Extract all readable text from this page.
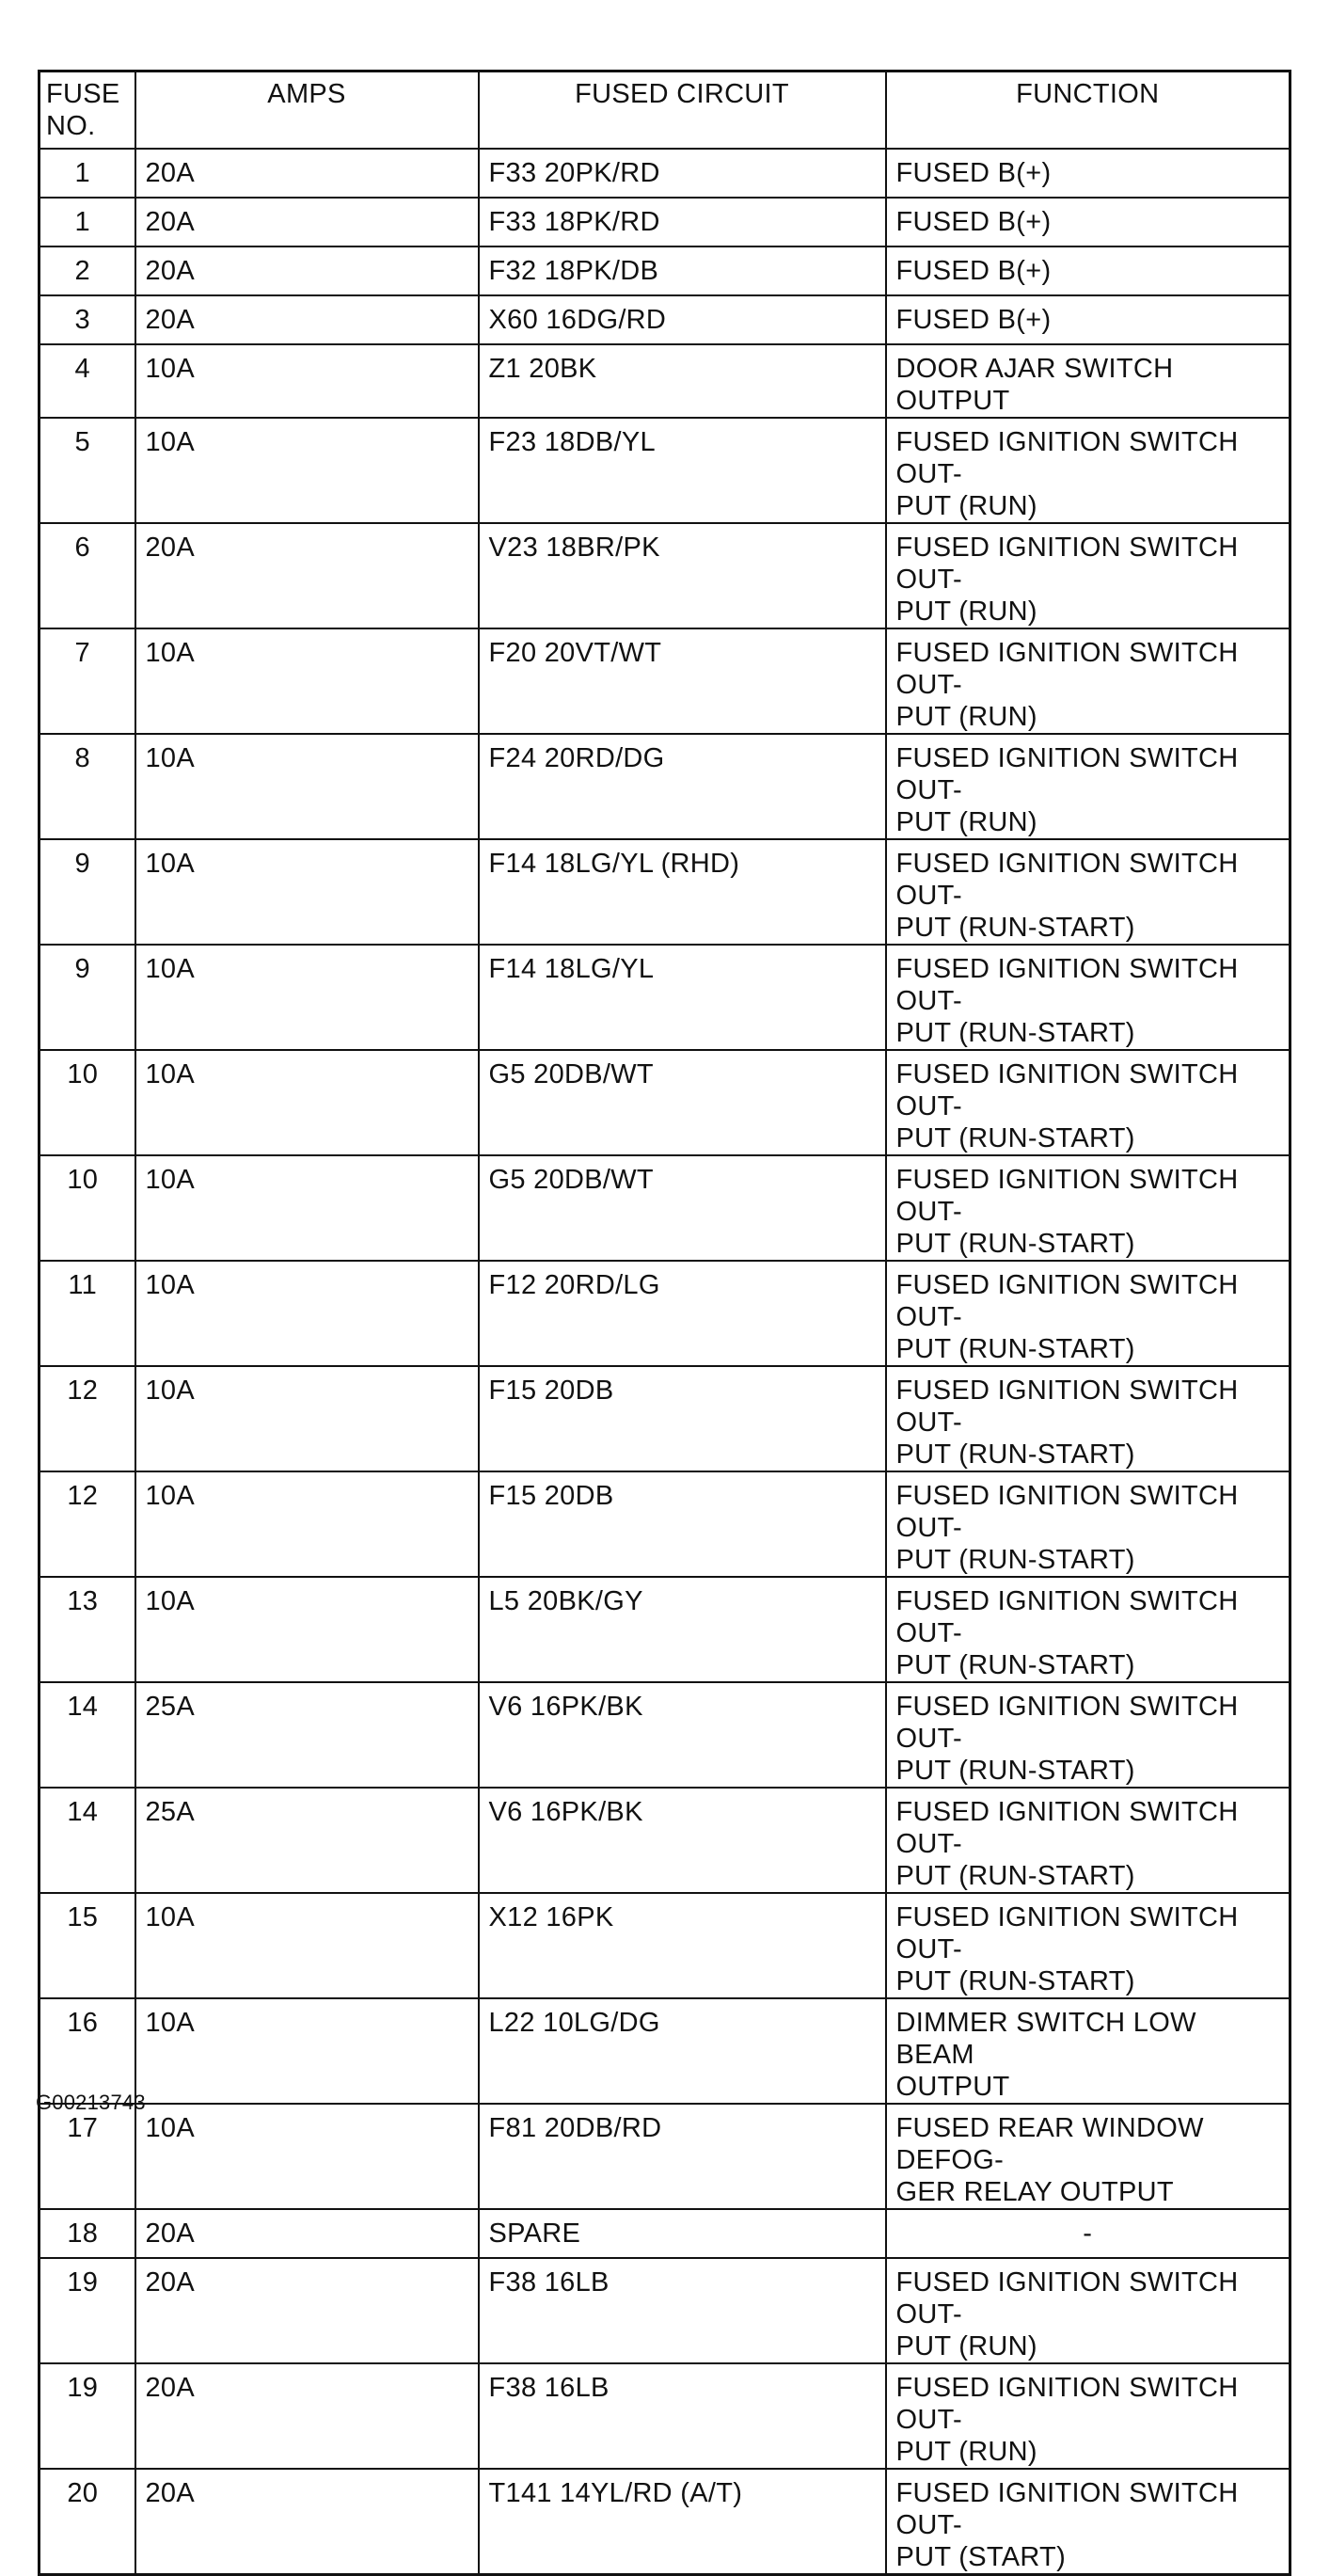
FUSE
NO.	AMPS	FUSED CIRCUIT	FUNCTION
1	20A	F33 20PK/RD	FUSED B(+)
1	20A	F33 18PK/RD	FUSED B(+)
2	20A	F32 18PK/DB	FUSED B(+)
3	20A	X60 16DG/RD	FUSED B(+)
4	10A	Z1 20BK	DOOR AJAR SWITCH OUTPUT
5	10A	F23 18DB/YL	FUSED IGNITION SWITCH OUT-
PUT (RUN)
6	20A	V23 18BR/PK	FUSED IGNITION SWITCH OUT-
PUT (RUN)
7	10A	F20 20VT/WT	FUSED IGNITION SWITCH OUT-
PUT (RUN)
8	10A	F24 20RD/DG	FUSED IGNITION SWITCH OUT-
PUT (RUN)
9	10A	F14 18LG/YL (RHD)	FUSED IGNITION SWITCH OUT-
PUT (RUN-START)
9	10A	F14 18LG/YL	FUSED IGNITION SWITCH OUT-
PUT (RUN-START)
10	10A	G5 20DB/WT	FUSED IGNITION SWITCH OUT-
PUT (RUN-START)
10	10A	G5 20DB/WT	FUSED IGNITION SWITCH OUT-
PUT (RUN-START)
11	10A	F12 20RD/LG	FUSED IGNITION SWITCH OUT-
PUT (RUN-START)
12	10A	F15 20DB	FUSED IGNITION SWITCH OUT-
PUT (RUN-START)
12	10A	F15 20DB	FUSED IGNITION SWITCH OUT-
PUT (RUN-START)
13	10A	L5 20BK/GY	FUSED IGNITION SWITCH OUT-
PUT (RUN-START)
14	25A	V6 16PK/BK	FUSED IGNITION SWITCH OUT-
PUT (RUN-START)
14	25A	V6 16PK/BK	FUSED IGNITION SWITCH OUT-
PUT (RUN-START)
15	10A	X12 16PK	FUSED IGNITION SWITCH OUT-
PUT (RUN-START)
16	10A	L22 10LG/DG	DIMMER SWITCH LOW BEAM
OUTPUT
17	10A	F81 20DB/RD	FUSED REAR WINDOW DEFOG-
GER RELAY OUTPUT
18	20A	SPARE	-
19	20A	F38 16LB	FUSED IGNITION SWITCH OUT-
PUT (RUN)
19	20A	F38 16LB	FUSED IGNITION SWITCH OUT-
PUT (RUN)
20	20A	T141 14YL/RD (A/T)	FUSED IGNITION SWITCH OUT-
PUT (START)
G00213743
